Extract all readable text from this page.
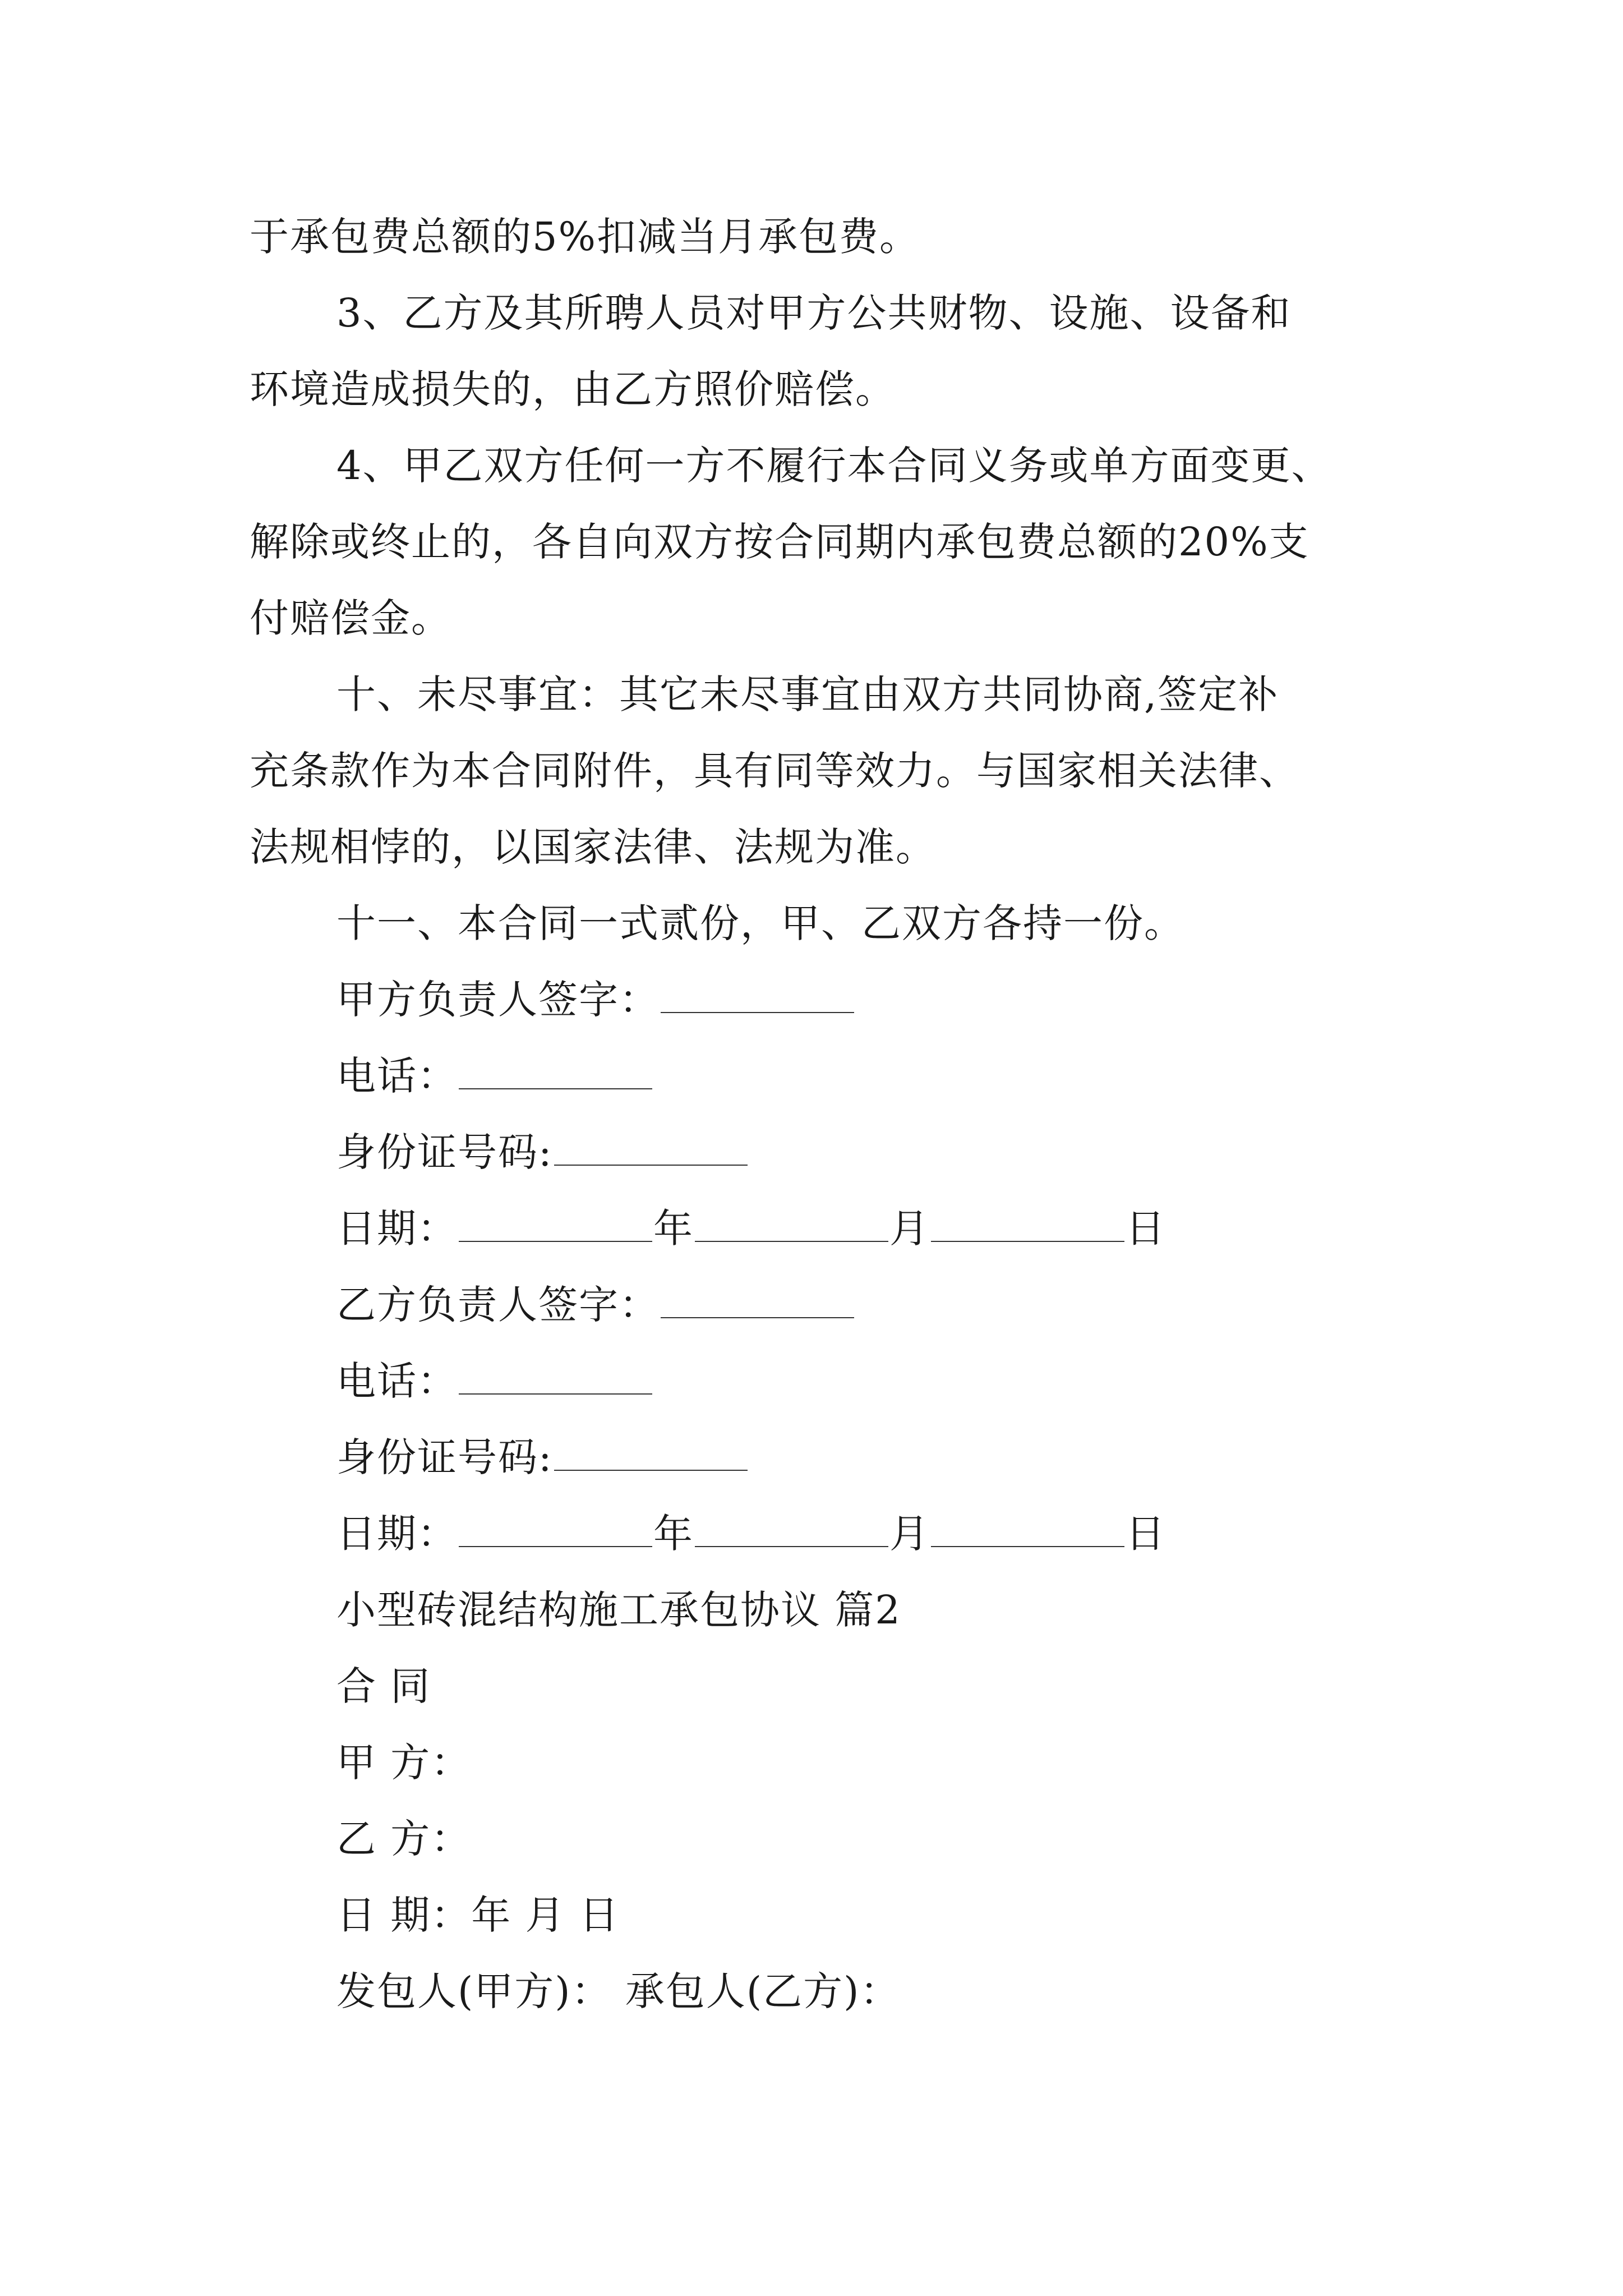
于承包费总额的5%扣减当月承包费。
3、乙方及其所聘人员对甲方公共财物、设施、设备和
环境造成损失的，由乙方照价赔偿。
4、甲乙双方任何一方不履行本合同义务或单方面变更、
解除或终止的，各自向双方按合同期内承包费总额的20%支
付赔偿金。
十、未尽事宜：其它未尽事宜由双方共同协商,签定补
充条款作为本合同附件，具有同等效力。与国家相关法律、
法规相悖的，以国家法律、法规为准。
十一、本合同一式贰份，甲、乙双方各持一份。
甲方负责人签字：
电话：
身份证号码:
日期：	年	月	日
乙方负责人签字：
电话：
身份证号码:
日期：	年	月	日
小型砖混结构施工承包协议 篇2
合 同
甲 方：
乙 方：
日 期：年 月 日
发包人(甲方)： 承包人(乙方)：
